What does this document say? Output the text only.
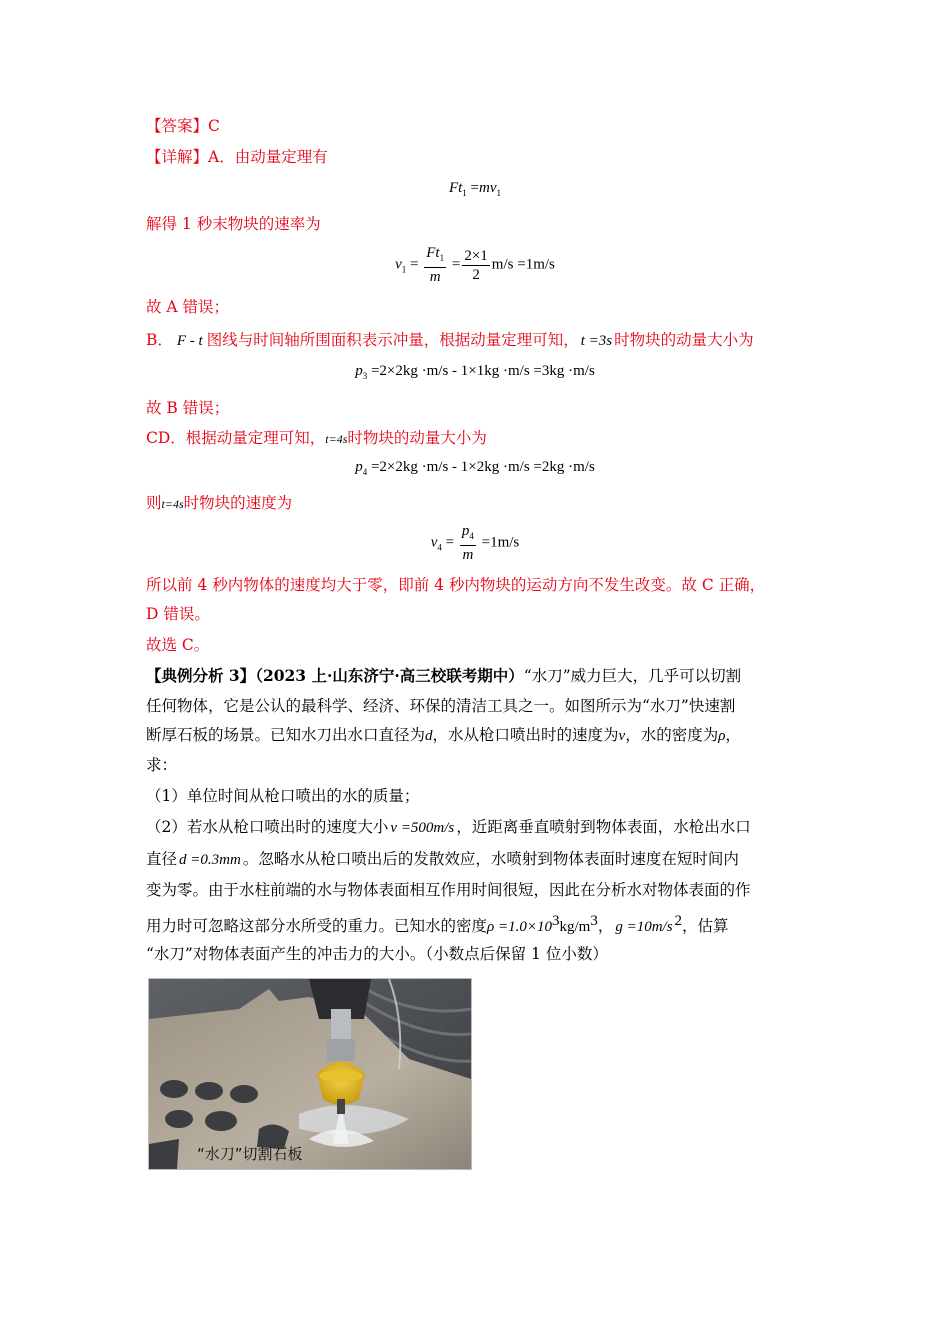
【答案】C
【详解】A．由动量定理有
$Ft_1 =mv_1$
解得 1 秒末物块的速率为
$v_1 = \frac{Ft_1}{m} = \frac{2\times 1}{2} m/s =1m/s$
故 A 错误；
B． F - t 图线与时间轴所围面积表示冲量，根据动量定理可知， t =3s 时物块的动量大小为
$p_3 =2\times 2kg \cdot m/s - 1\times 1kg \cdot m/s =3kg \cdot m/s$
故 B 错误；
CD．根据动量定理可知，t=4s时物块的动量大小为
$p_4 =2\times 2kg \cdot m/s - 1\times 2kg \cdot m/s =2kg \cdot m/s$
则t=4s时物块的速度为
$v_4 = \frac{p_4}{m} =1m/s$
所以前 4 秒内物体的速度均大于零，即前 4 秒内物块的运动方向不发生改变。故 C 正确，
D 错误。
故选 C。
【典例分析 3】（2023 上·山东济宁·高三校联考期中）“水刀”威力巨大，几乎可以切割
任何物体，它是公认的最科学、经济、环保的清洁工具之一。如图所示为“水刀”快速割
断厚石板的场景。已知水刀出水口直径为d，水从枪口喷出时的速度为v，水的密度为ρ，
求：
（1）单位时间从枪口喷出的水的质量；
（2）若水从枪口喷出时的速度大小 v =500m/s ，近距离垂直喷射到物体表面，水枪出水口
直径 d =0.3mm 。忽略水从枪口喷出后的发散效应，水喷射到物体表面时速度在短时间内
变为零。由于水柱前端的水与物体表面相互作用时间很短，因此在分析水对物体表面的作
用力时可忽略这部分水所受的重力。已知水的密度$\rho =1.0\times 10^3kg/m^3$， g =10m/s $^2$，估算
“水刀”对物体表面产生的冲击力的大小。（小数点后保留 1 位小数）
“水刀”切割石板
